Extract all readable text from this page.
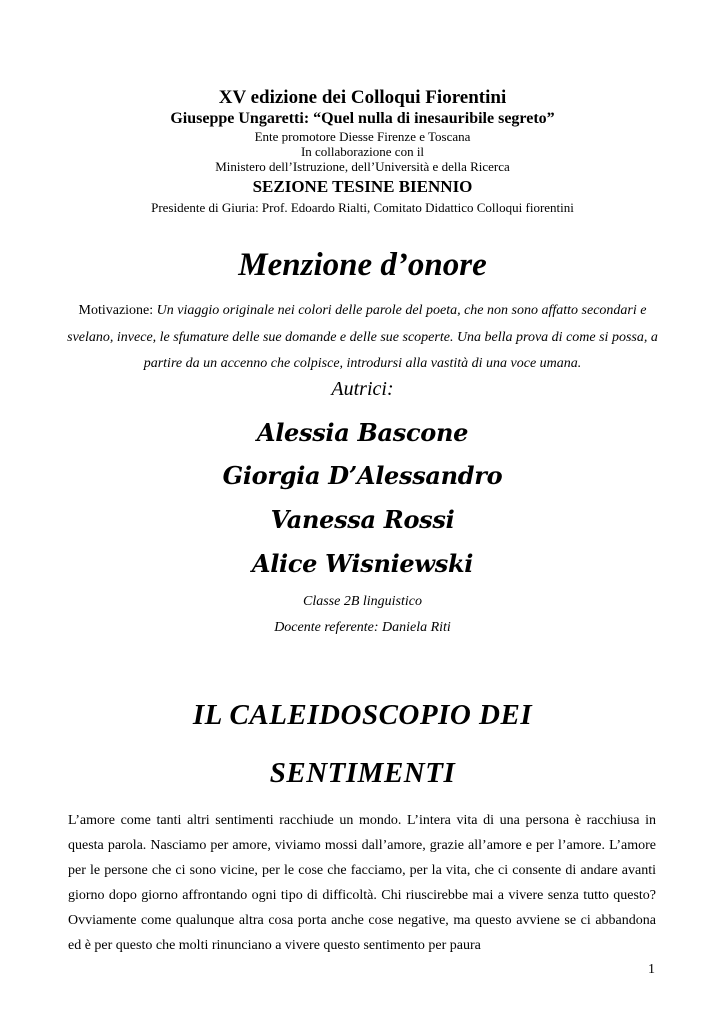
XV edizione dei Colloqui Fiorentini
Giuseppe Ungaretti: “Quel nulla di inesauribile segreto”
Ente promotore Diesse Firenze e Toscana
In collaborazione con il
Ministero dell’Istruzione, dell’Università e della Ricerca
SEZIONE TESINE BIENNIO
Presidente di Giuria: Prof. Edoardo Rialti, Comitato Didattico Colloqui fiorentini
Menzione d’onore
Motivazione: Un viaggio originale nei colori delle parole del poeta, che non sono affatto secondari e svelano, invece, le sfumature delle sue domande e delle sue scoperte. Una bella prova di come si possa, a partire da un accenno che colpisce, introdursi alla vastità di una voce umana.
Autrici:
Alessia Bascone
Giorgia D’Alessandro
Vanessa Rossi
Alice Wisniewski
Classe 2B linguistico
Docente referente: Daniela Riti
IL CALEIDOSCOPIO DEI
SENTIMENTI
L’amore come tanti altri sentimenti racchiude un mondo. L’intera vita di una persona è racchiusa in questa parola. Nasciamo per amore, viviamo mossi dall’amore, grazie all’amore e per l’amore. L’amore per le persone che ci sono vicine, per le cose che facciamo, per la vita, che ci consente di andare avanti giorno dopo giorno affrontando ogni tipo di difficoltà. Chi riuscirebbe mai a vivere senza tutto questo? Ovviamente come qualunque altra cosa porta anche cose negative, ma questo avviene se ci abbandona ed è per questo che molti rinunciano a vivere questo sentimento per paura
1
